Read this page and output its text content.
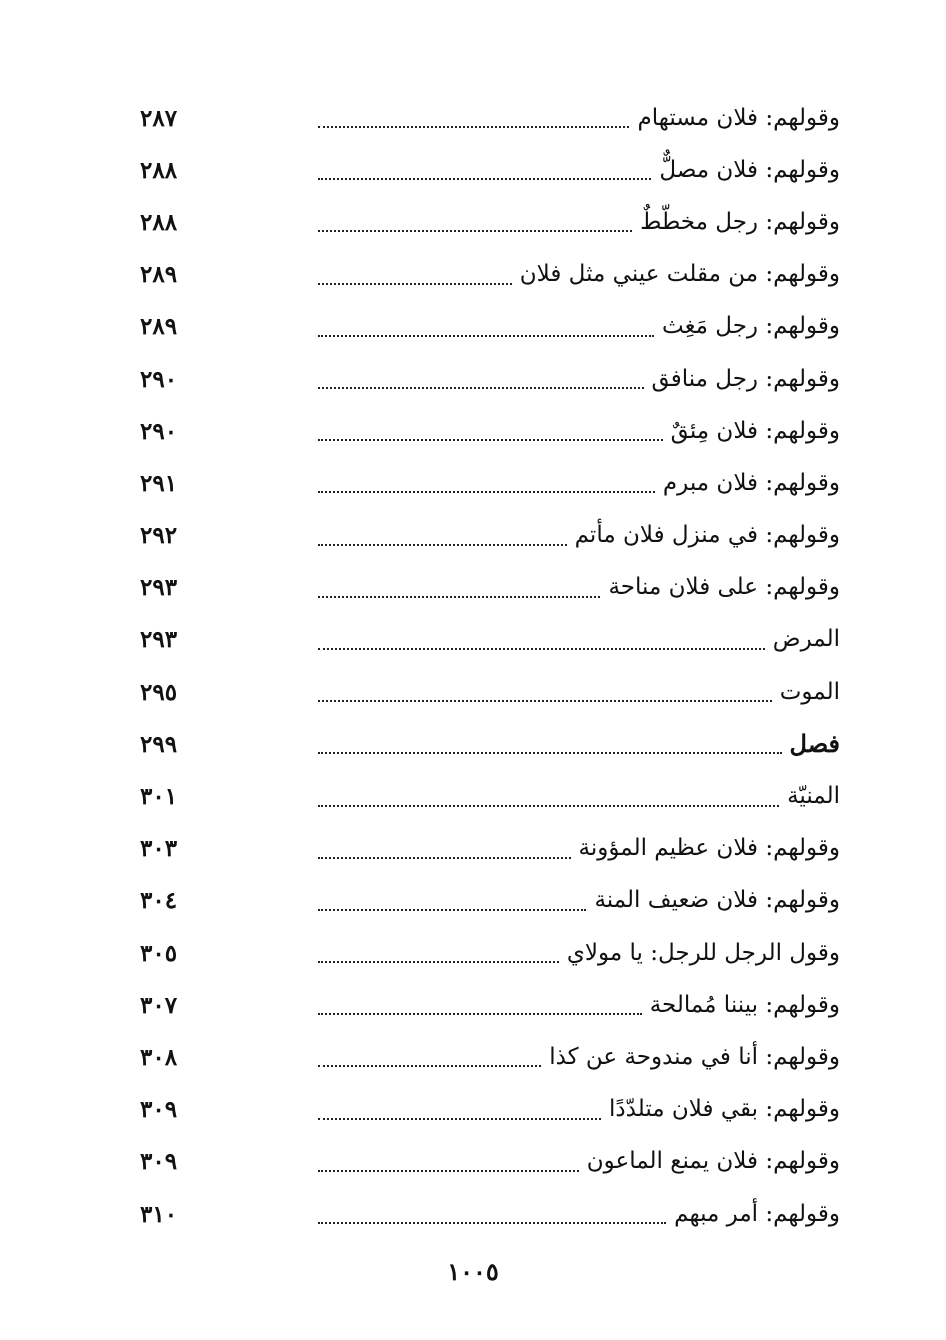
وقولهم: فلان مستهام
٢٨٧
وقولهم: فلان مصلٌّ
٢٨٨
وقولهم: رجل مخطّطٌ
٢٨٨
وقولهم: من مقلت عيني مثل فلان
٢٨٩
وقولهم: رجل مَغِث
٢٨٩
وقولهم: رجل منافق
٢٩٠
وقولهم: فلان مِئقٌ
٢٩٠
وقولهم: فلان مبرم
٢٩١
وقولهم: في منزل فلان مأتم
٢٩٢
وقولهم: على فلان مناحة
٢٩٣
المرض
٢٩٣
الموت
٢٩٥
فصل
٢٩٩
المنيّة
٣٠١
وقولهم: فلان عظيم المؤونة
٣٠٣
وقولهم: فلان ضعيف المنة
٣٠٤
وقول الرجل للرجل: يا مولاي
٣٠٥
وقولهم: بيننا مُمالحة
٣٠٧
وقولهم: أنا في مندوحة عن كذا
٣٠٨
وقولهم: بقي فلان متلدّدًا
٣٠٩
وقولهم: فلان يمنع الماعون
٣٠٩
وقولهم: أمر مبهم
٣١٠
١٠٠٥
